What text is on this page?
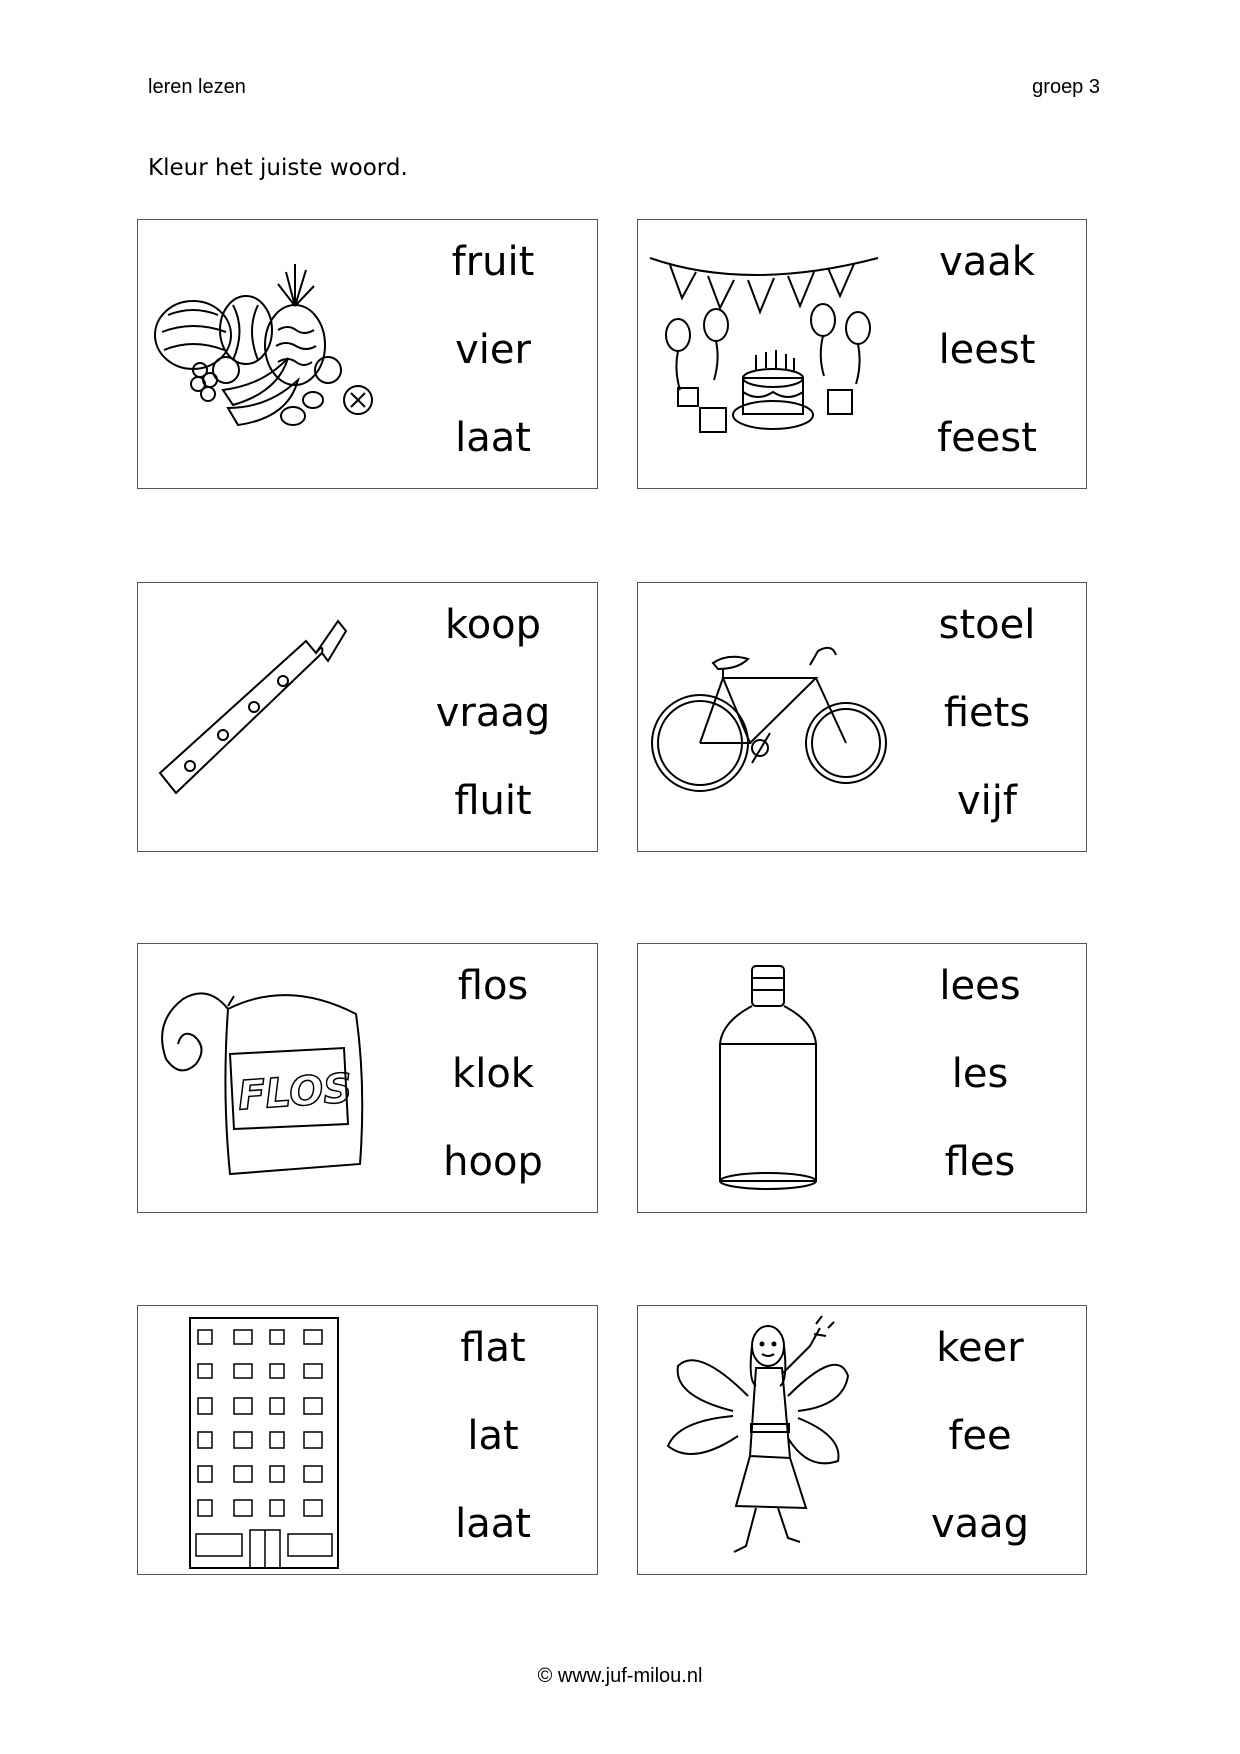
leren lezen	groep 3
Kleur het juiste woord.
fruit
vier
laat
vaak
leest
feest
koop
vraag
fluit
stoel
fiets
vijf
FLOS
flos
klok
hoop
lees
les
fles
flat
lat
laat
keer
fee
vaag
© www.juf-milou.nl
